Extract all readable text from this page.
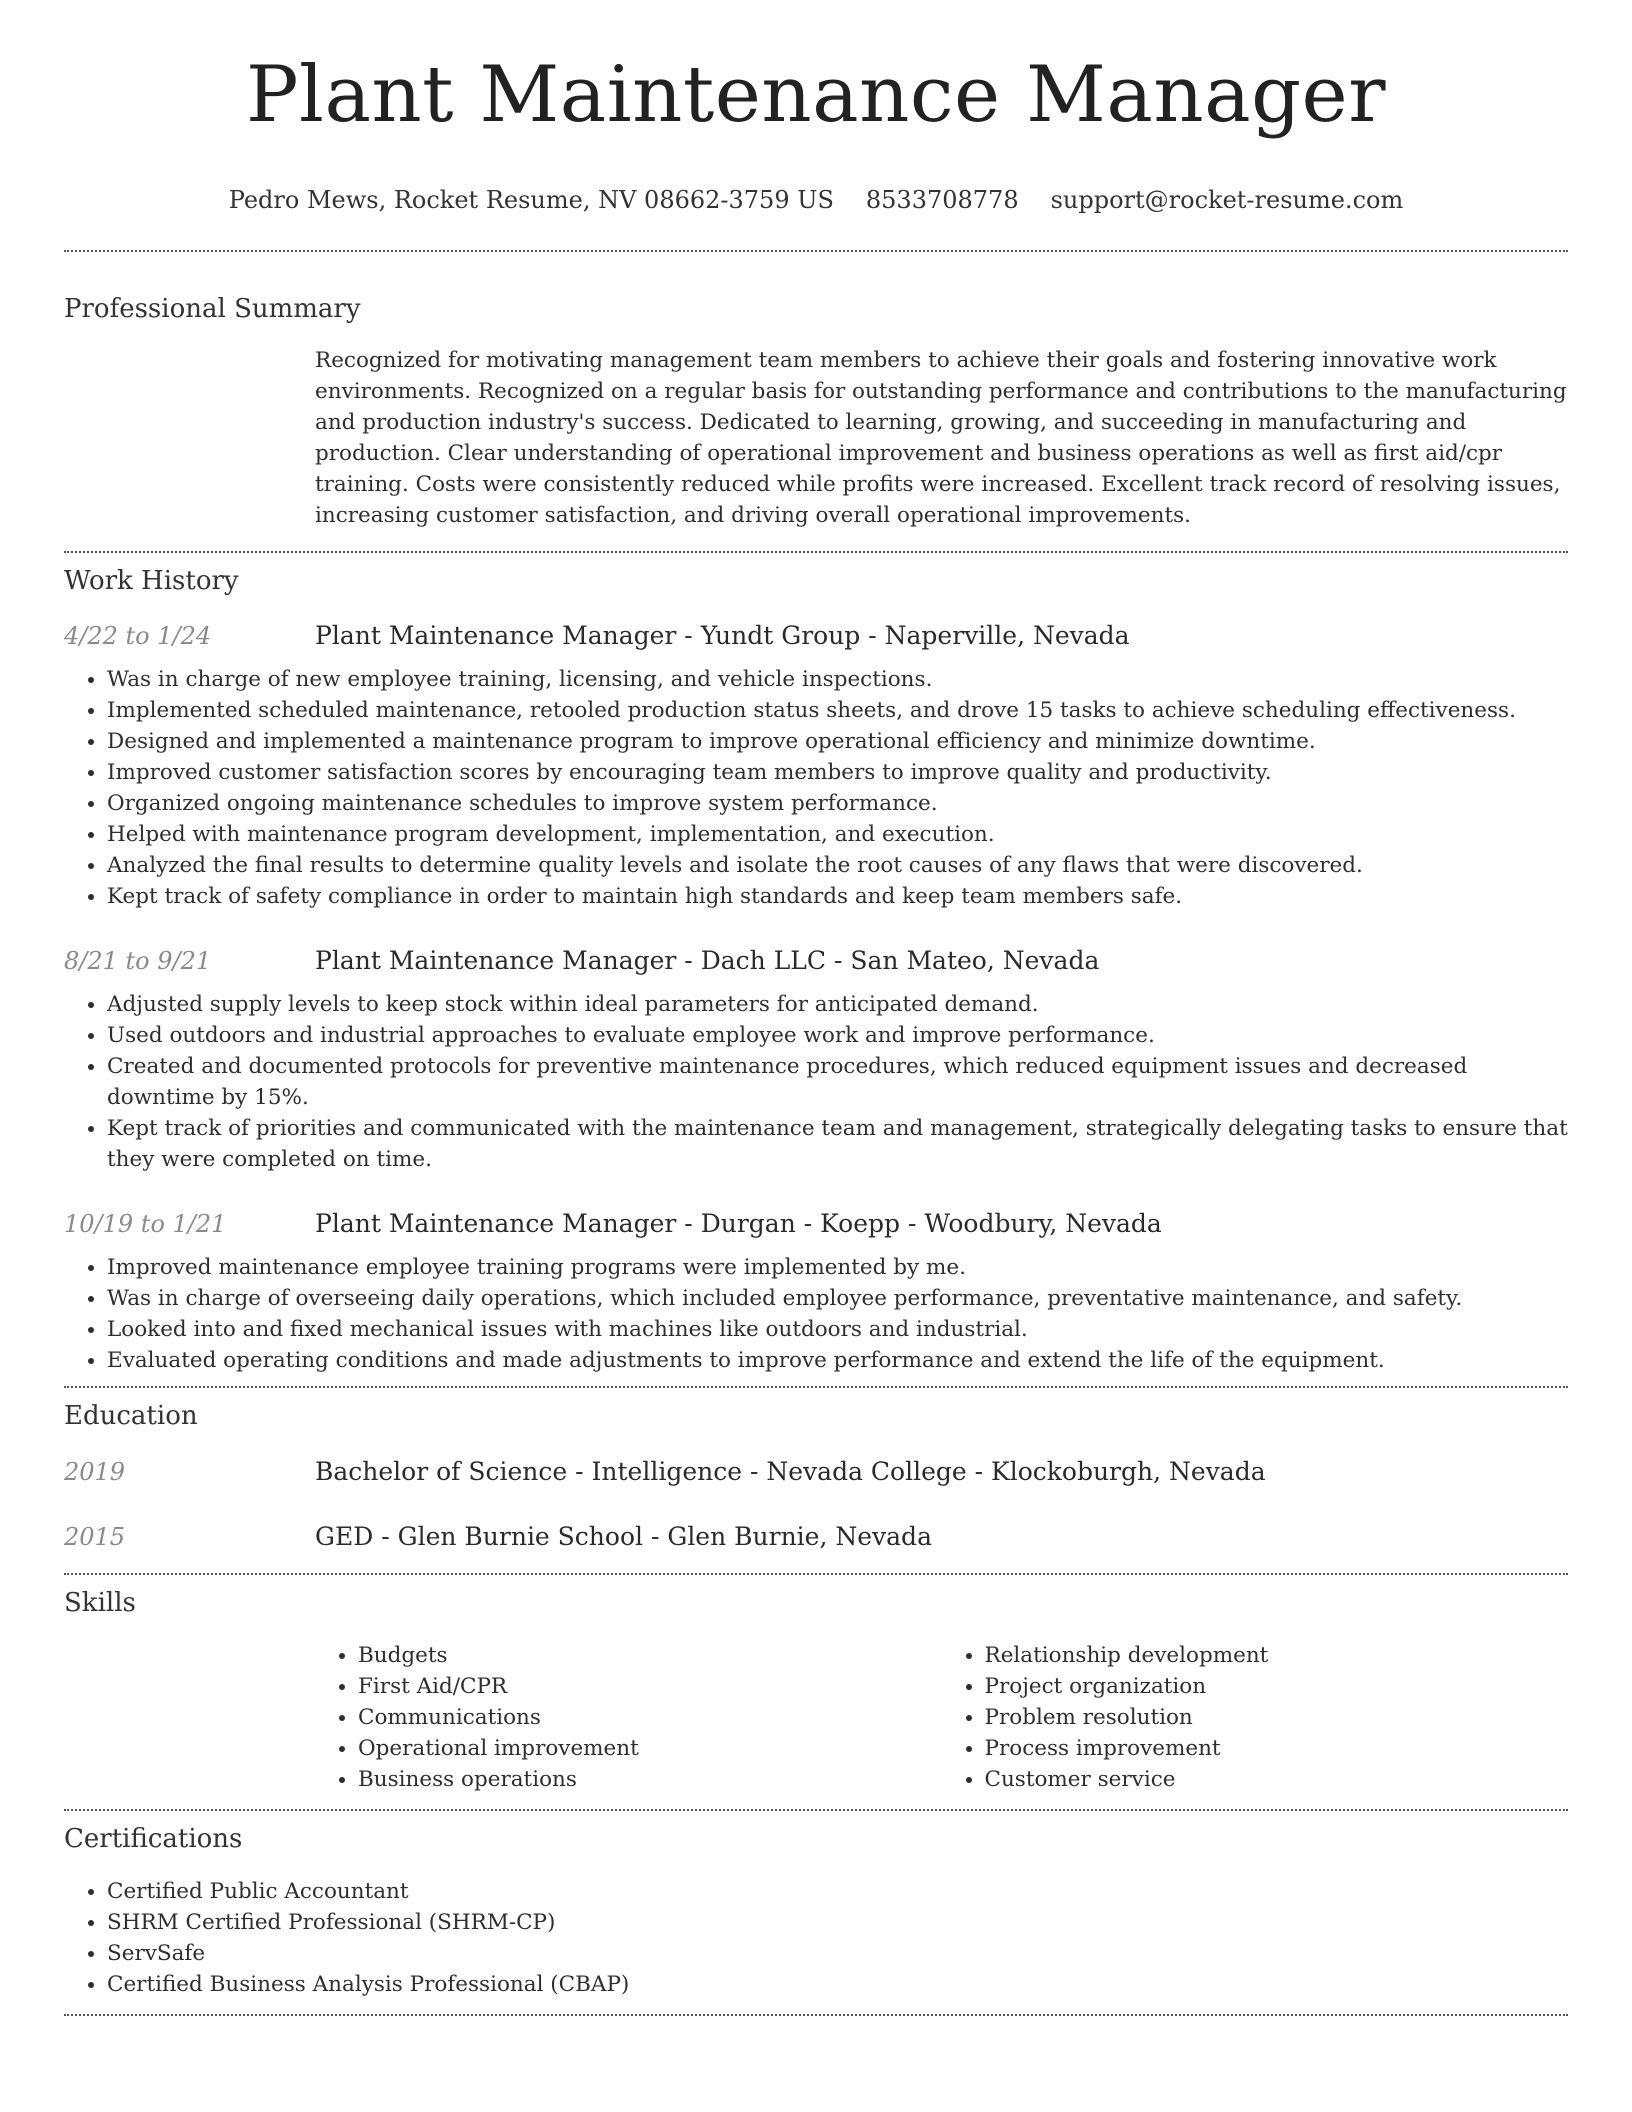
Plant Maintenance Manager
Pedro Mews, Rocket Resume, NV 08662-3759 US 8533708778 support@rocket-resume.com
Professional Summary
Recognized for motivating management team members to achieve their goals and fostering innovative work environments. Recognized on a regular basis for outstanding performance and contributions to the manufacturing and production industry's success. Dedicated to learning, growing, and succeeding in manufacturing and production. Clear understanding of operational improvement and business operations as well as first aid/cpr training. Costs were consistently reduced while profits were increased. Excellent track record of resolving issues, increasing customer satisfaction, and driving overall operational improvements.
Work History
4/22 to 1/24	Plant Maintenance Manager - Yundt Group - Naperville, Nevada
• Was in charge of new employee training, licensing, and vehicle inspections.
• Implemented scheduled maintenance, retooled production status sheets, and drove 15 tasks to achieve scheduling effectiveness.
• Designed and implemented a maintenance program to improve operational efficiency and minimize downtime.
• Improved customer satisfaction scores by encouraging team members to improve quality and productivity.
• Organized ongoing maintenance schedules to improve system performance.
• Helped with maintenance program development, implementation, and execution.
• Analyzed the final results to determine quality levels and isolate the root causes of any flaws that were discovered.
• Kept track of safety compliance in order to maintain high standards and keep team members safe.
8/21 to 9/21	Plant Maintenance Manager - Dach LLC - San Mateo, Nevada
• Adjusted supply levels to keep stock within ideal parameters for anticipated demand.
• Used outdoors and industrial approaches to evaluate employee work and improve performance.
• Created and documented protocols for preventive maintenance procedures, which reduced equipment issues and decreased downtime by 15%.
• Kept track of priorities and communicated with the maintenance team and management, strategically delegating tasks to ensure that they were completed on time.
10/19 to 1/21	Plant Maintenance Manager - Durgan - Koepp - Woodbury, Nevada
• Improved maintenance employee training programs were implemented by me.
• Was in charge of overseeing daily operations, which included employee performance, preventative maintenance, and safety.
• Looked into and fixed mechanical issues with machines like outdoors and industrial.
• Evaluated operating conditions and made adjustments to improve performance and extend the life of the equipment.
Education
2019	Bachelor of Science - Intelligence - Nevada College - Klockoburgh, Nevada
2015	GED - Glen Burnie School - Glen Burnie, Nevada
Skills
• Budgets
• First Aid/CPR
• Communications
• Operational improvement
• Business operations
• Relationship development
• Project organization
• Problem resolution
• Process improvement
• Customer service
Certifications
• Certified Public Accountant
• SHRM Certified Professional (SHRM-CP)
• ServSafe
• Certified Business Analysis Professional (CBAP)
